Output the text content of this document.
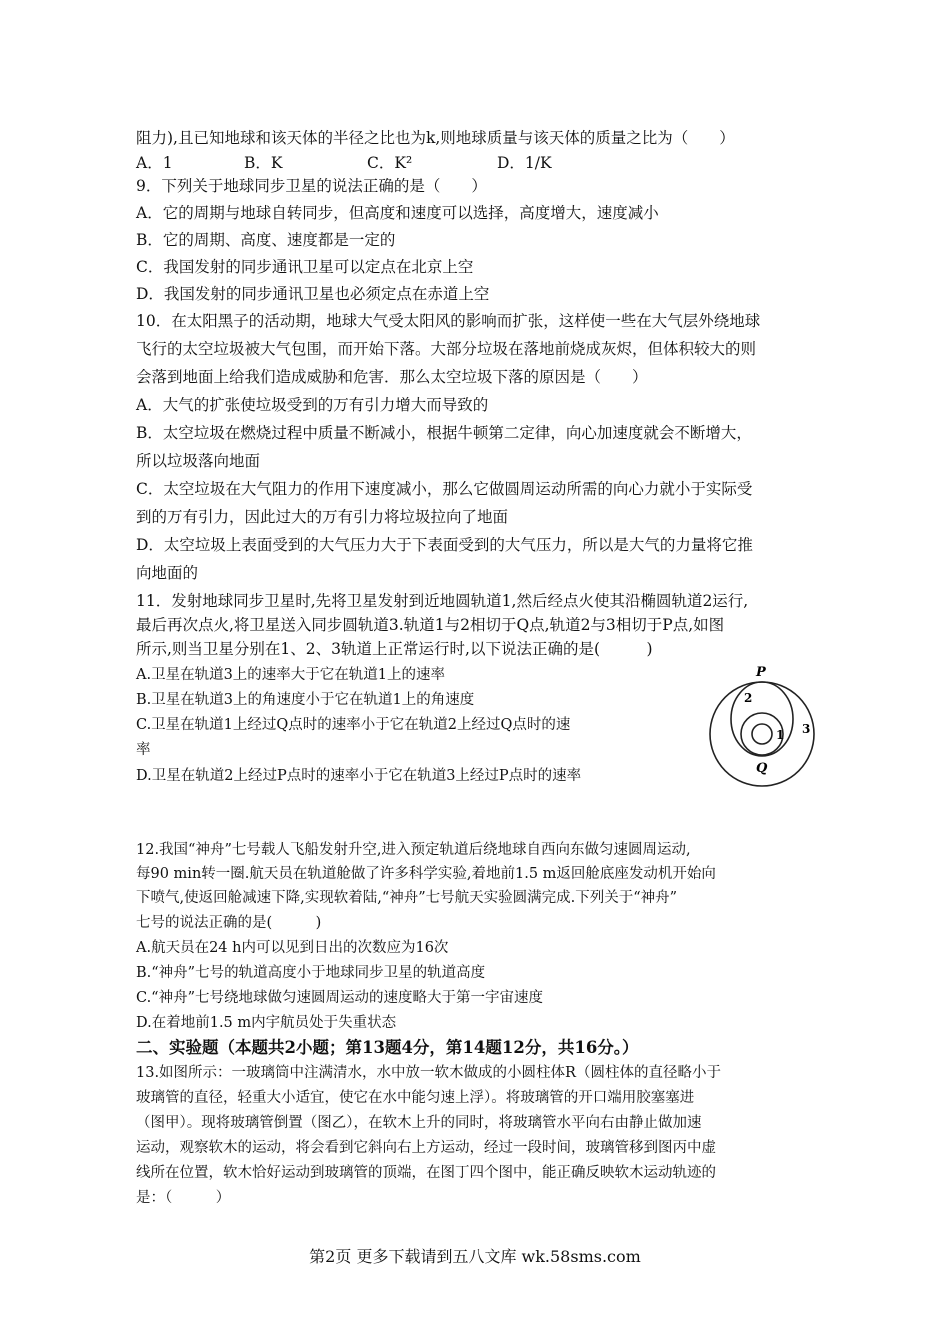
阻力),且已知地球和该天体的半径之比也为k,则地球质量与该天体的质量之比为（　　）
A．1	B．K	C．K²	D．1/K
9．下列关于地球同步卫星的说法正确的是（　　）
A．它的周期与地球自转同步，但高度和速度可以选择，高度增大，速度减小
B．它的周期、高度、速度都是一定的
C．我国发射的同步通讯卫星可以定点在北京上空
D．我国发射的同步通讯卫星也必须定点在赤道上空
10．在太阳黑子的活动期，地球大气受太阳风的影响而扩张，这样使一些在大气层外绕地球
飞行的太空垃圾被大气包围，而开始下落。大部分垃圾在落地前烧成灰烬，但体积较大的则
会落到地面上给我们造成威胁和危害．那么太空垃圾下落的原因是（　　）
A．大气的扩张使垃圾受到的万有引力增大而导致的
B．太空垃圾在燃烧过程中质量不断减小，根据牛顿第二定律，向心加速度就会不断增大，
所以垃圾落向地面
C．太空垃圾在大气阻力的作用下速度减小，那么它做圆周运动所需的向心力就小于实际受
到的万有引力，因此过大的万有引力将垃圾拉向了地面
D．太空垃圾上表面受到的大气压力大于下表面受到的大气压力，所以是大气的力量将它推
向地面的
11．发射地球同步卫星时,先将卫星发射到近地圆轨道1,然后经点火使其沿椭圆轨道2运行,
最后再次点火,将卫星送入同步圆轨道3.轨道1与2相切于Q点,轨道2与3相切于P点,如图
所示,则当卫星分别在1、2、3轨道上正常运行时,以下说法正确的是(　　　)
A.卫星在轨道3上的速率大于它在轨道1上的速率
B.卫星在轨道3上的角速度小于它在轨道1上的角速度
C.卫星在轨道1上经过Q点时的速率小于它在轨道2上经过Q点时的速
率
D.卫星在轨道2上经过P点时的速率小于它在轨道3上经过P点时的速率
P
Q
2
1 3
12.我国“神舟”七号载人飞船发射升空,进入预定轨道后绕地球自西向东做匀速圆周运动,
每90 min转一圈.航天员在轨道舱做了许多科学实验,着地前1.5 m返回舱底座发动机开始向
下喷气,使返回舱减速下降,实现软着陆,“神舟”七号航天实验圆满完成.下列关于“神舟”
七号的说法正确的是(　　　)
A.航天员在24 h内可以见到日出的次数应为16次
B.“神舟”七号的轨道高度小于地球同步卫星的轨道高度
C.“神舟”七号绕地球做匀速圆周运动的速度略大于第一宇宙速度
D.在着地前1.5 m内宇航员处于失重状态
二、实验题（本题共2小题；第13题4分，第14题12分，共16分。）
13.如图所示：一玻璃筒中注满清水，水中放一软木做成的小圆柱体R（圆柱体的直径略小于
玻璃管的直径，轻重大小适宜，使它在水中能匀速上浮）。将玻璃管的开口端用胶塞塞进
（图甲）。现将玻璃管倒置（图乙），在软木上升的同时，将玻璃管水平向右由静止做加速
运动，观察软木的运动，将会看到它斜向右上方运动，经过一段时间，玻璃管移到图丙中虚
线所在位置，软木恰好运动到玻璃管的顶端，在图丁四个图中，能正确反映软木运动轨迹的
是：（　　　）
第2页 更多下载请到五八文库 wk.58sms.com
